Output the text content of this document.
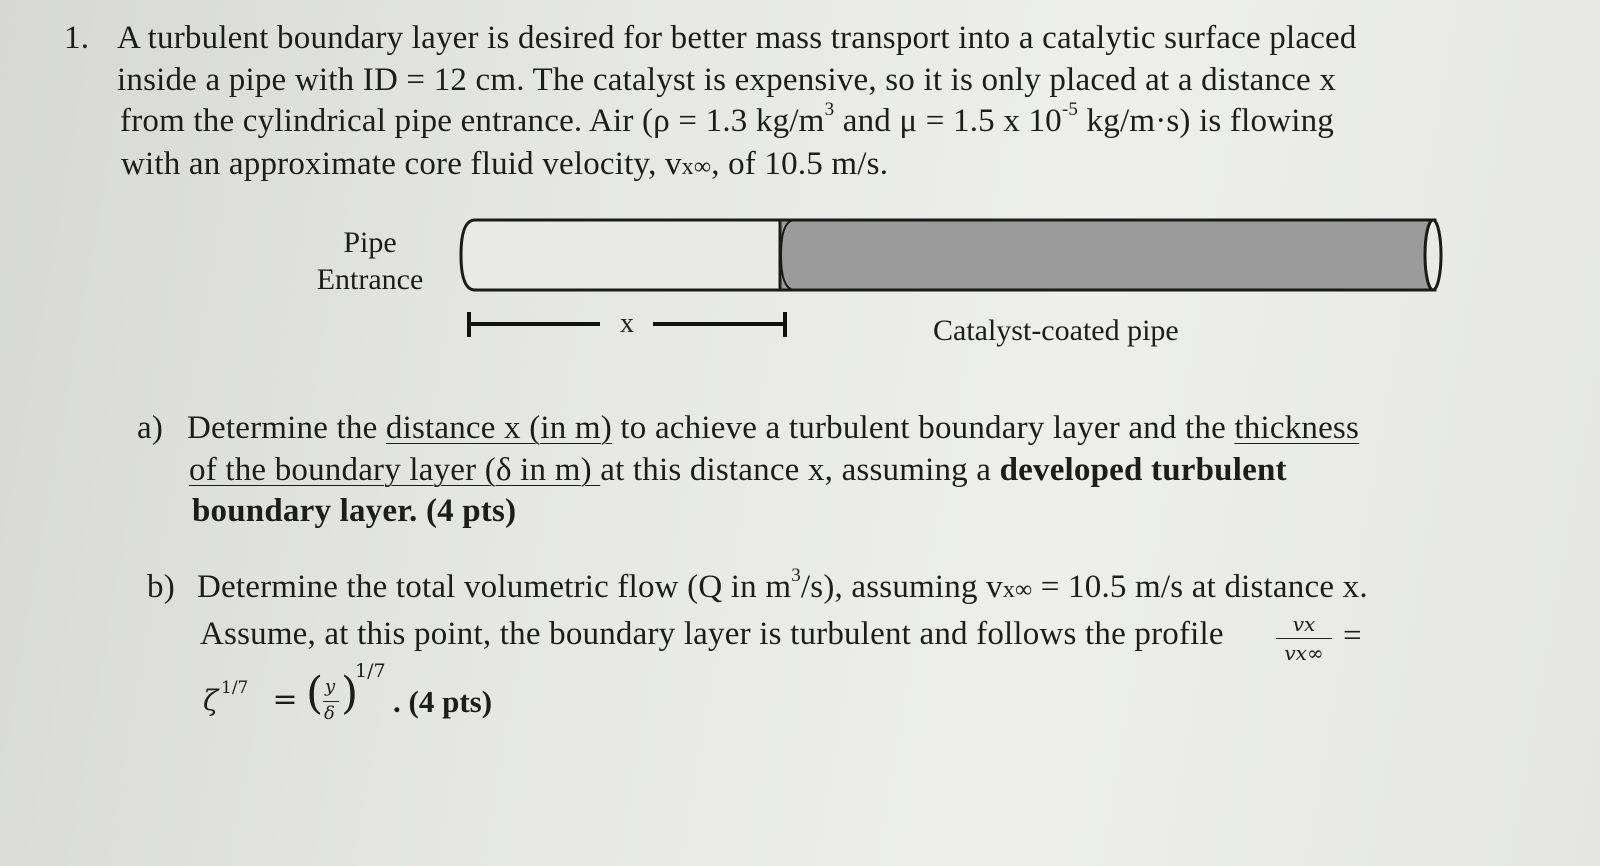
1. A turbulent boundary layer is desired for better mass transport into a catalytic surface placed
inside a pipe with ID = 12 cm. The catalyst is expensive, so it is only placed at a distance x
from the cylindrical pipe entrance. Air (ρ = 1.3 $kg/m^3$ and μ = 1.5 x $10^{-5}$ kg/m·s) is flowing
with an approximate core fluid velocity, vx∞, of 10.5 m/s.
Pipe
Entrance
x	Catalyst-coated pipe
a) Determine the distance x (in m) to achieve a turbulent boundary layer and the thickness
of the boundary layer (δ in m) at this distance x, assuming a developed turbulent
boundary layer. (4 pts)
b) Determine the total volumetric flow (Q in $m^3/s$), assuming vx∞ = 10.5 m/s at distance x.
Assume, at this point, the boundary layer is turbulent and follows the profile	vx
vx∞ =
ζ 1/7 =
( y
δ )
1/7
. (4 pts)
